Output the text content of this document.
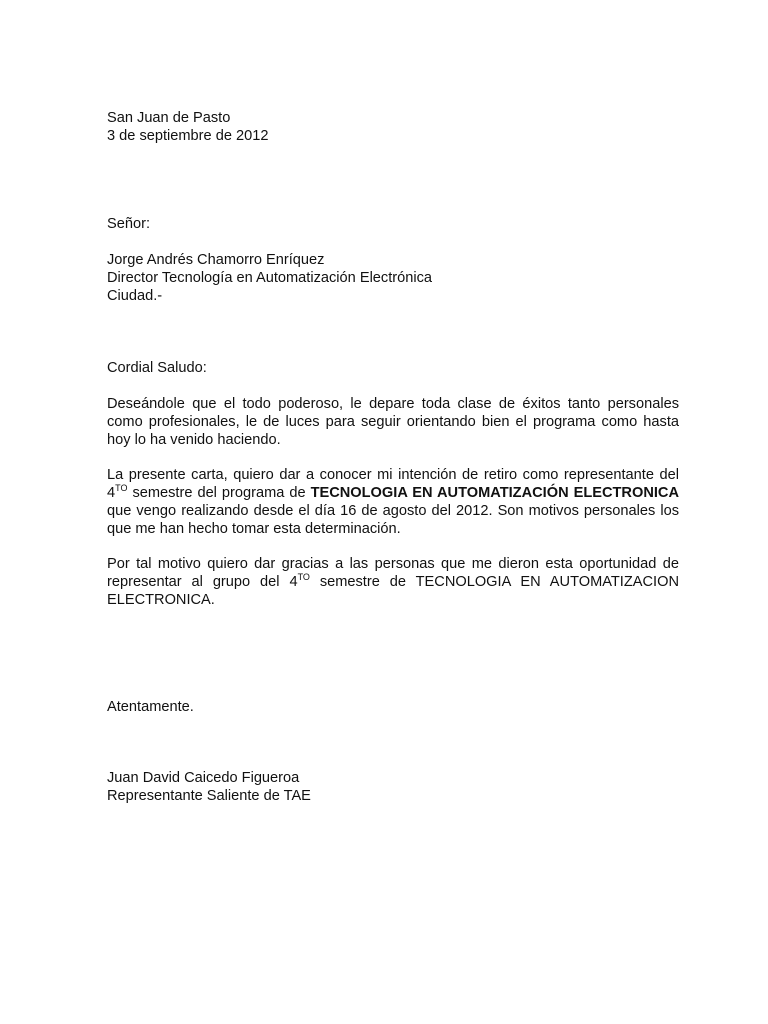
San Juan de Pasto
3 de septiembre de 2012
Señor:
Jorge Andrés Chamorro Enríquez
Director Tecnología en Automatización Electrónica
Ciudad.-
Cordial Saludo:
Deseándole que el todo poderoso, le depare toda clase de éxitos tanto personales como profesionales, le de luces para seguir orientando bien el programa como hasta hoy lo ha venido haciendo.
La presente carta, quiero dar a conocer mi intención de retiro como representante del $4^{TO}$ semestre del programa de TECNOLOGIA EN AUTOMATIZACIÓN ELECTRONICA que vengo realizando desde el día 16 de agosto del 2012. Son motivos personales los que me han hecho tomar esta determinación.
Por tal motivo quiero dar gracias a las personas que me dieron esta oportunidad de representar al grupo del $4^{TO}$ semestre de TECNOLOGIA EN AUTOMATIZACION ELECTRONICA.
Atentamente.
Juan David Caicedo Figueroa
Representante Saliente de TAE
